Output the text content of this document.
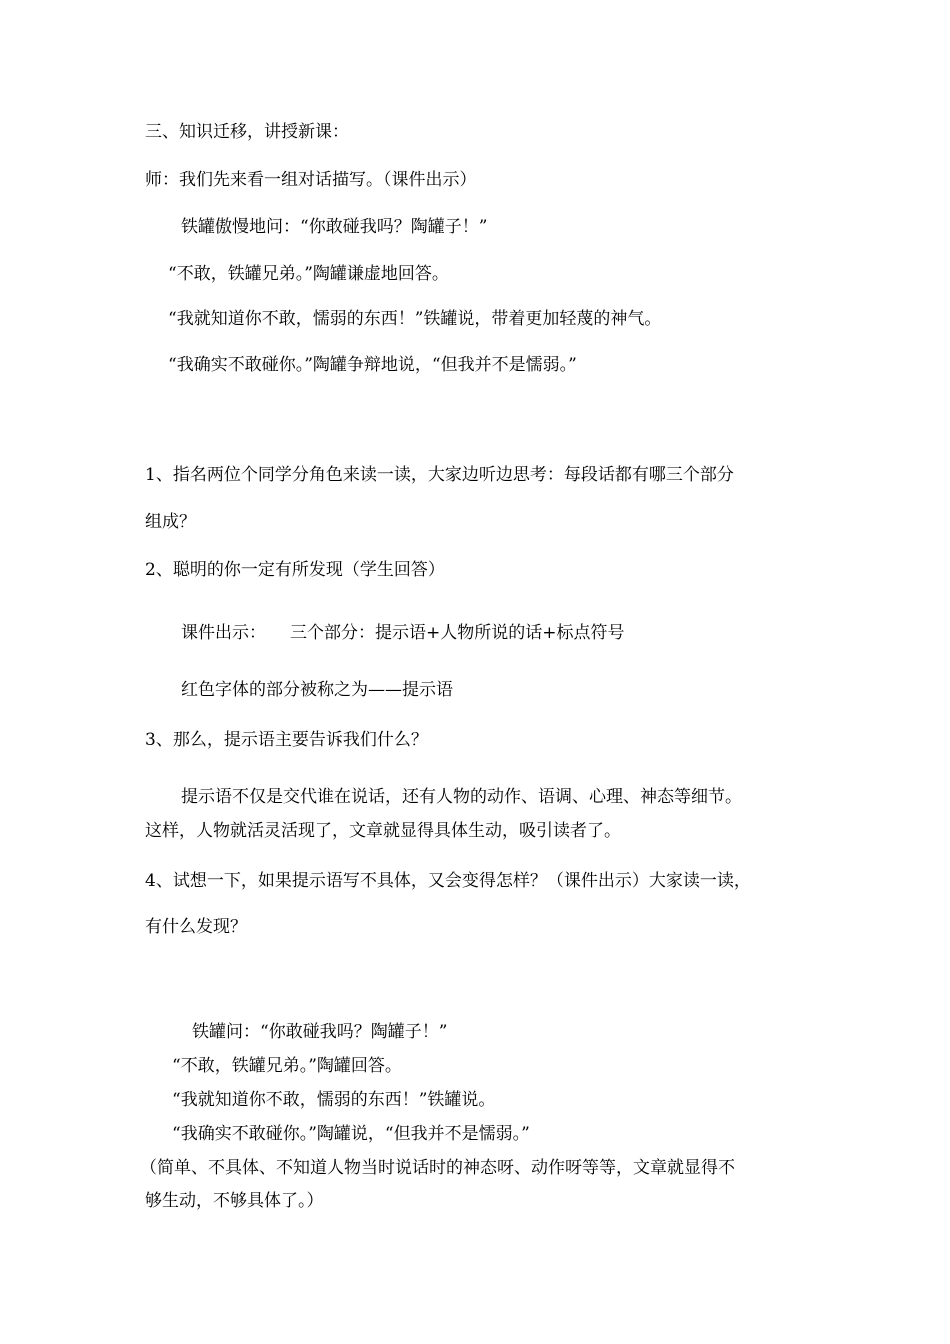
三、知识迁移，讲授新课：

师：我们先来看一组对话描写。（课件出示）

铁罐傲慢地问：“你敢碰我吗？陶罐子！”

“不敢，铁罐兄弟。”陶罐谦虚地回答。

“我就知道你不敢，懦弱的东西！”铁罐说，带着更加轻蔑的神气。

“我确实不敢碰你。”陶罐争辩地说，“但我并不是懦弱。”

1、指名两位个同学分角色来读一读，大家边听边思考：每段话都有哪三个部分

组成？

2、聪明的你一定有所发现（学生回答）

课件出示： 三个部分：提示语+人物所说的话+标点符号

红色字体的部分被称之为——提示语

3、那么，提示语主要告诉我们什么？

提示语不仅是交代谁在说话，还有人物的动作、语调、心理、神态等细节。

这样，人物就活灵活现了，文章就显得具体生动，吸引读者了。

4、试想一下，如果提示语写不具体，又会变得怎样？（课件出示）大家读一读，

有什么发现？

铁罐问：“你敢碰我吗？陶罐子！”

“不敢，铁罐兄弟。”陶罐回答。

“我就知道你不敢，懦弱的东西！”铁罐说。

“我确实不敢碰你。”陶罐说，“但我并不是懦弱。”

（简单、不具体、不知道人物当时说话时的神态呀、动作呀等等，文章就显得不

够生动，不够具体了。）
